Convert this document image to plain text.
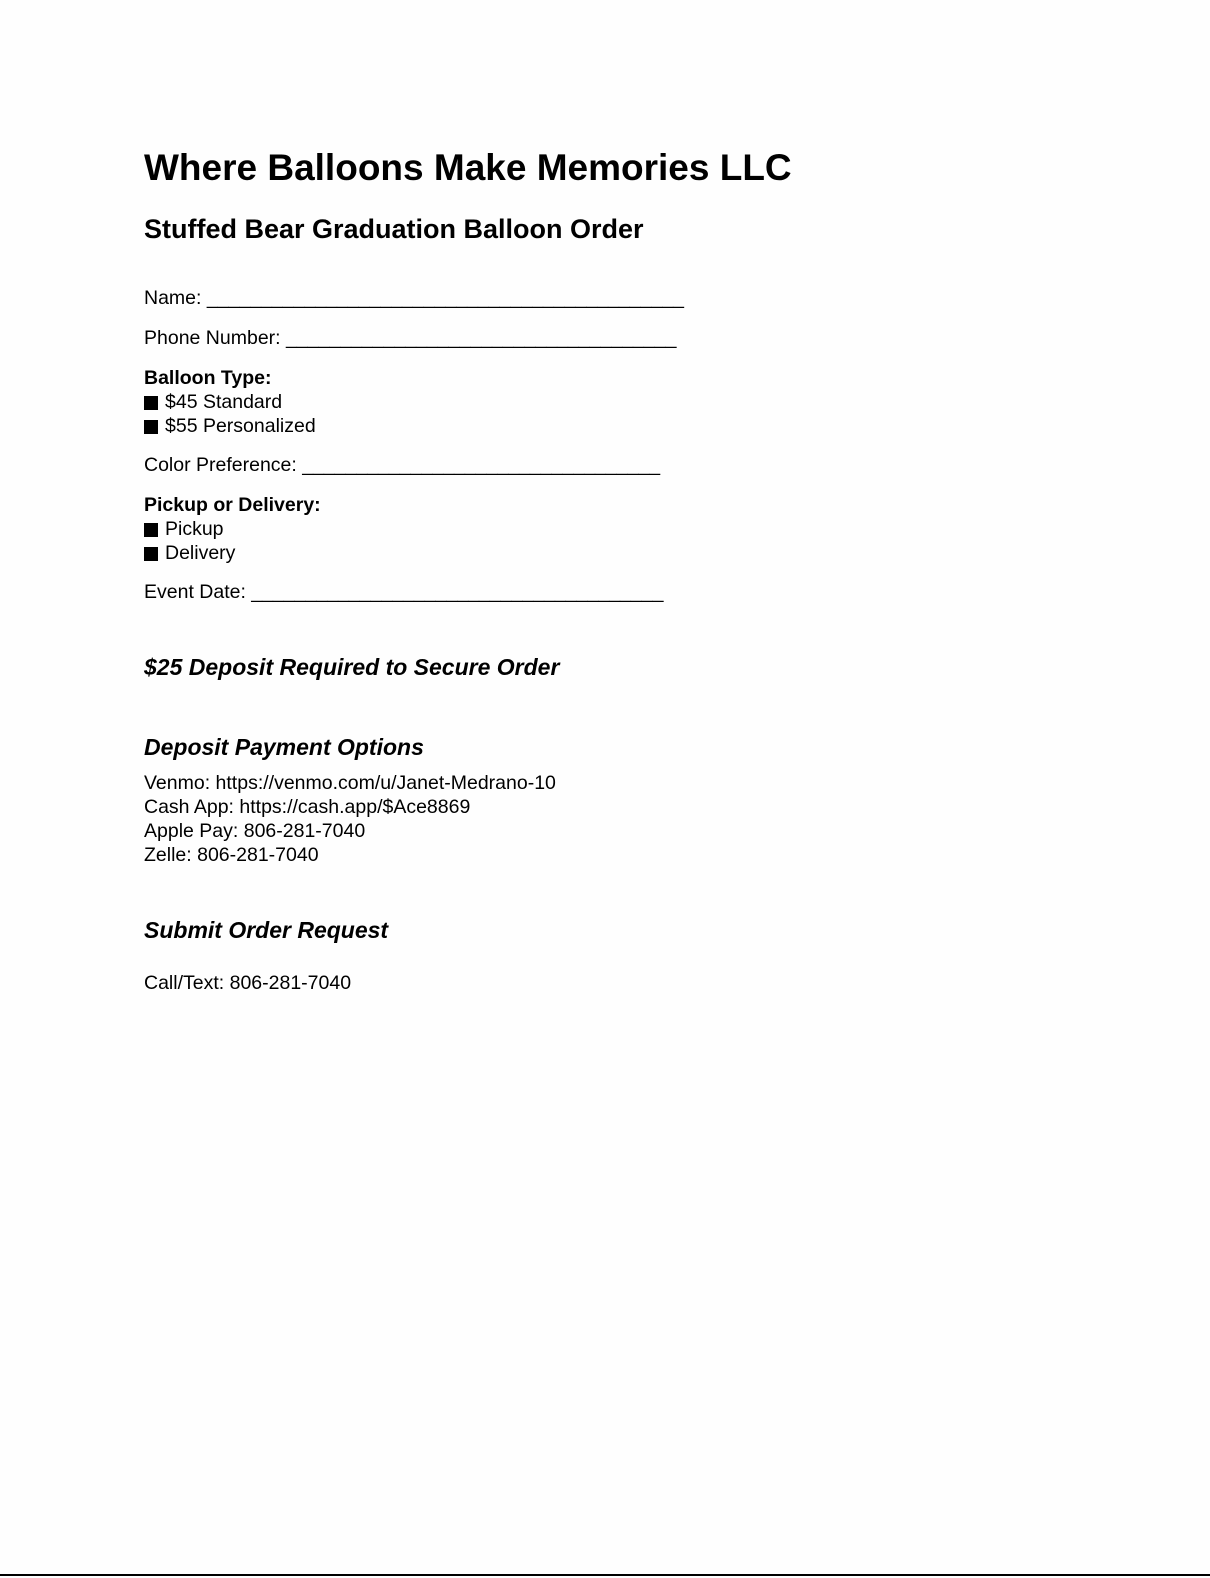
Where Balloons Make Memories LLC
Stuffed Bear Graduation Balloon Order
Name: ____________________________________________
Phone Number: ____________________________________
Balloon Type:
$45 Standard
$55 Personalized
Color Preference: _________________________________
Pickup or Delivery:
Pickup
Delivery
Event Date: ______________________________________
$25 Deposit Required to Secure Order
Deposit Payment Options
Venmo: https://venmo.com/u/Janet-Medrano-10
Cash App: https://cash.app/$Ace8869
Apple Pay: 806-281-7040
Zelle: 806-281-7040
Submit Order Request
Call/Text: 806-281-7040
